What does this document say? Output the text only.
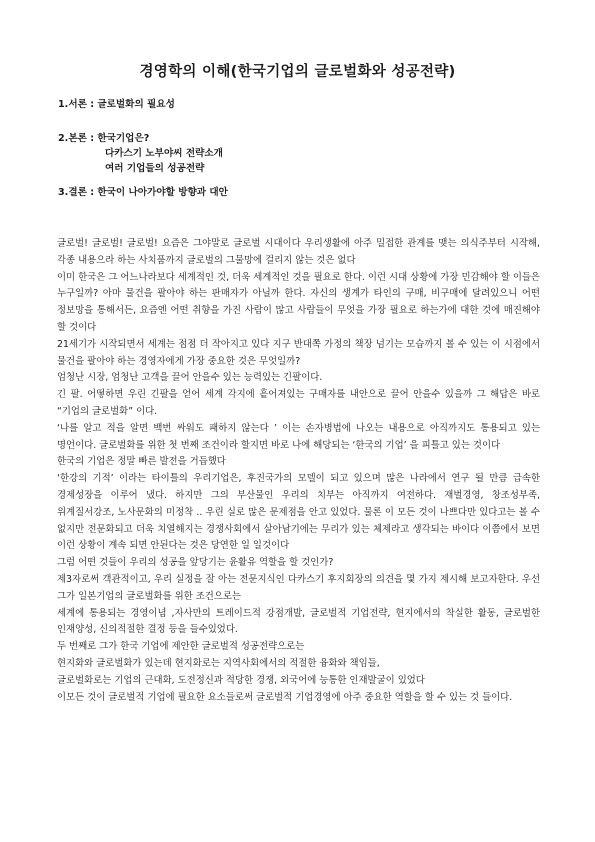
경영학의 이해(한국기업의 글로벌화와 성공전략)
1.서론 : 글로벌화의 필요성
2.본론 : 한국기업은?
다카스기 노부야씨 전략소개
여러 기업들의 성공전략
3.결론 : 한국이 나아가야할 방향과 대안

글로벌! 글로벌! 글로벌! 요즘은 그야말로 글로벌 시대이다 우리생활에 아주 밀접한 관계를 맺는 의식주부터 시작해, 각종 내용으라 하는 사치품까지 글로벌의 그물망에 걸리지 않는 것은 없다

이미 한국은 그 어느나라보다 세계적인 것, 더욱 세계적인 것을 필요로 한다. 이런 시대 상황에 가장 민감해야 할 이들은 누구일까? 아마 물건을 팔아야 하는 판매자가 아닐까 한다. 자신의 생계가 타인의 구매, 비구매에 달려있으니 어떤 정보망을 통해서든, 요즘엔 어떤 취향을 가진 사람이 많고 사람들이 무엇을 가장 필요로 하는가에 대한 것에 매진해야 할 것이다

21세기가 시작되면서 세계는 점점 더 작아지고 있다 지구 반대쪽 가정의 책장 넘기는 모습까지 볼 수 있는 이 시점에서 물건을 팔아야 하는 경영자에게 가장 중요한 것은 무엇일까?

엄청난 시장, 엄청난 고객을 끌어 안을수 있는 능력있는 긴팔이다.

긴 팔. 어떻하면 우린 긴팔을 얻어 세계 각지에 흩어져있는 구매자를 내안으로 끌어 안을수 있을까 그 해답은 바로 “기업의 글로벌화” 이다.

‘나를 알고 적을 알면 백번 싸워도 패하지 않는다 ’ 이는 손자병법에 나오는 내용으로 아직까지도 통용되고 있는 명언이다. 글로벌화를 위한 첫 번째 조건이라 할지면 바로 나에 해당되는 ‘한국의 기업’ 을 피틀고 있는 것이다

한국의 기업은 정말 빠른 발전을 거듭했다

‘한강의 기적’ 이라는 타이틀의 우리기업은, 후진국가의 모델이 되고 있으며 많은 나라에서 연구 될 만큼 급속한 경제성장을 이루어 냈다. 하지만 그의 부산물인 우리의 치부는 아직까지 여전하다. 재벌경영, 창조성부족, 위계질서강조, 노사문화의 미정착 .. 우린 실로 많은 문제점을 안고 있었다. 물론 이 모든 것이 나쁘다만 있다고는 볼 수 없지만 전문화되고 더욱 치열해지는 경쟁사회에서 살아남기에는 무리가 있는 체제라고 생각되는 바이다 이쯤에서 보면 이런 상황이 계속 되면 안된다는 것은 당연한 일 일것이다

그럼 어떤 것들이 우리의 성공을 앞당기는 윤활유 역할을 할 것인가?

제3자로써 객관적이고, 우리 실정을 잘 아는 전문지식인 다카스기 후지회장의 의견을 몇 가지 제시해 보고자한다. 우선 그가 일본기업의 글로벌화를 위한 조건으로는

세계에 통용되는 경영이념 ,자사만의 트레이드적 강점개발, 글로벌적 기업전략, 현지에서의 착실한 활동, 글로벌한 인재양성, 신의적절한 결정 등을 들수있었다.

두 번째로 그가 한국 기업에 제안한 글로벌적 성공전략으로는

현지화와 글로벌화가 있는데 현지화로는 지역사회에서의 적절한 융화와 책임들,

글로벌화로는 기업의 근대화, 도전정신과 적당한 경쟁, 외국어에 능통한 인재발굴이 있었다

이모든 것이 글로벌적 기업에 필요한 요소들로써 글로벌적 기업경영에 아주 중요한 역할을 할 수 있는 것 들이다.
